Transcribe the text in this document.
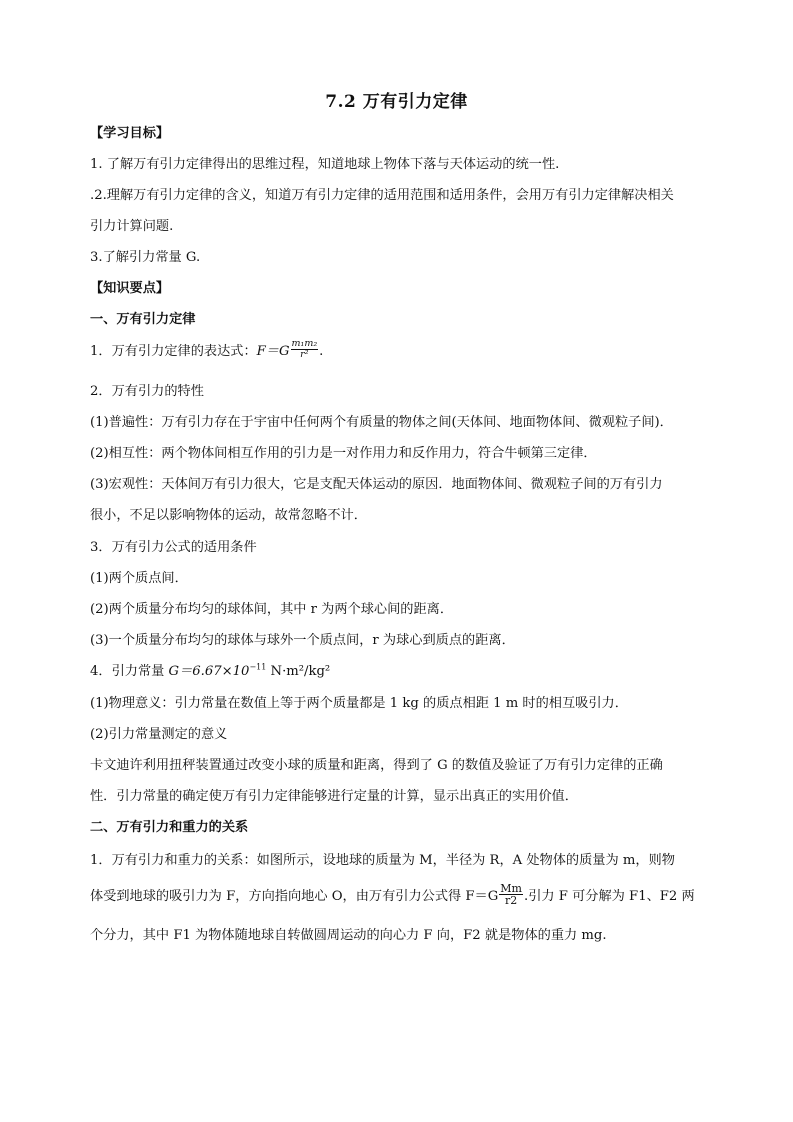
7.2 万有引力定律
【学习目标】
1. 了解万有引力定律得出的思维过程，知道地球上物体下落与天体运动的统一性.
.2.理解万有引力定律的含义，知道万有引力定律的适用范围和适用条件，会用万有引力定律解决相关
引力计算问题.
3.了解引力常量 G.
【知识要点】
一、万有引力定律
1．万有引力定律的表达式：$F=G \frac{\text{m₁m₂}}{\text{r²}}$ .
2．万有引力的特性
(1)普遍性：万有引力存在于宇宙中任何两个有质量的物体之间(天体间、地面物体间、微观粒子间)．
(2)相互性：两个物体间相互作用的引力是一对作用力和反作用力，符合牛顿第三定律．
(3)宏观性：天体间万有引力很大，它是支配天体运动的原因．地面物体间、微观粒子间的万有引力
很小，不足以影响物体的运动，故常忽略不计．
3．万有引力公式的适用条件
(1)两个质点间．
(2)两个质量分布均匀的球体间，其中 r 为两个球心间的距离．
(3)一个质量分布均匀的球体与球外一个质点间，r 为球心到质点的距离．
4．引力常量 $G=6.67\times 10^{-11}$ N·m²/kg²
(1)物理意义：引力常量在数值上等于两个质量都是 1 kg 的质点相距 1 m 时的相互吸引力．
(2)引力常量测定的意义
卡文迪许利用扭秤装置通过改变小球的质量和距离，得到了 G 的数值及验证了万有引力定律的正确
性．引力常量的确定使万有引力定律能够进行定量的计算，显示出真正的实用价值．
二、万有引力和重力的关系
1．万有引力和重力的关系：如图所示，设地球的质量为 M，半径为 R，A 处物体的质量为 m，则物
体受到地球的吸引力为 F，方向指向地心 O，由万有引力公式得 $F=G \frac{Mm}{r2}$ .引力 F 可分解为 F1、F2 两
个分力，其中 F1 为物体随地球自转做圆周运动的向心力 F 向，F2 就是物体的重力 mg.
